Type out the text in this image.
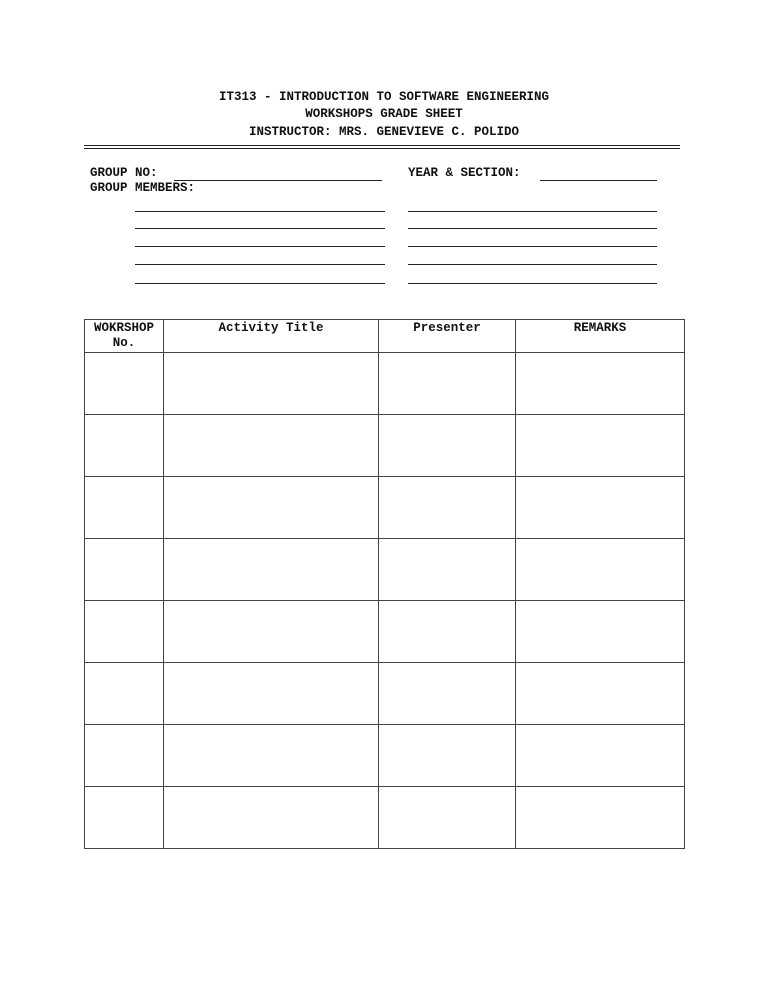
IT313 - INTRODUCTION TO SOFTWARE ENGINEERING
WORKSHOPS GRADE SHEET
INSTRUCTOR: MRS. GENEVIEVE C. POLIDO
GROUP NO:	YEAR & SECTION:
GROUP MEMBERS:
WOKRSHOP No.	Activity Title	Presenter	REMARKS
